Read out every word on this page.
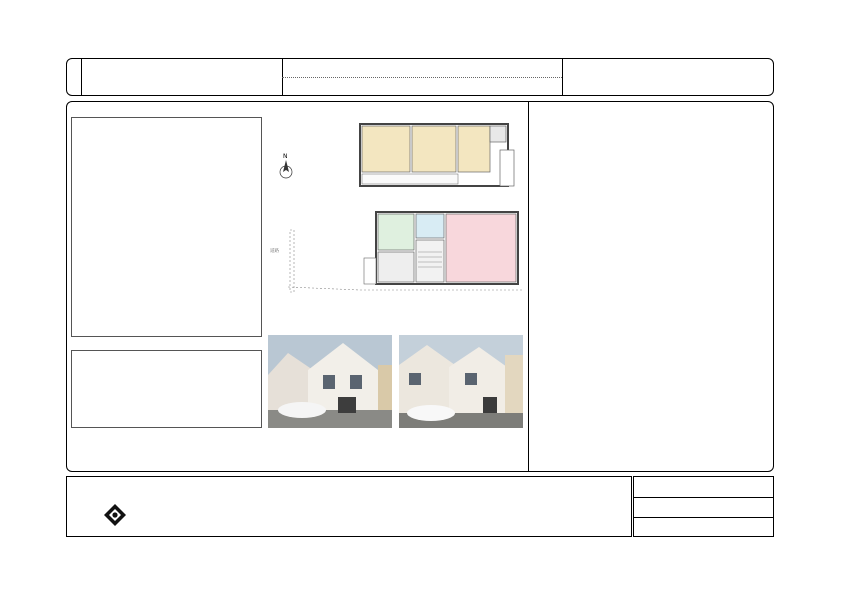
N
道路
